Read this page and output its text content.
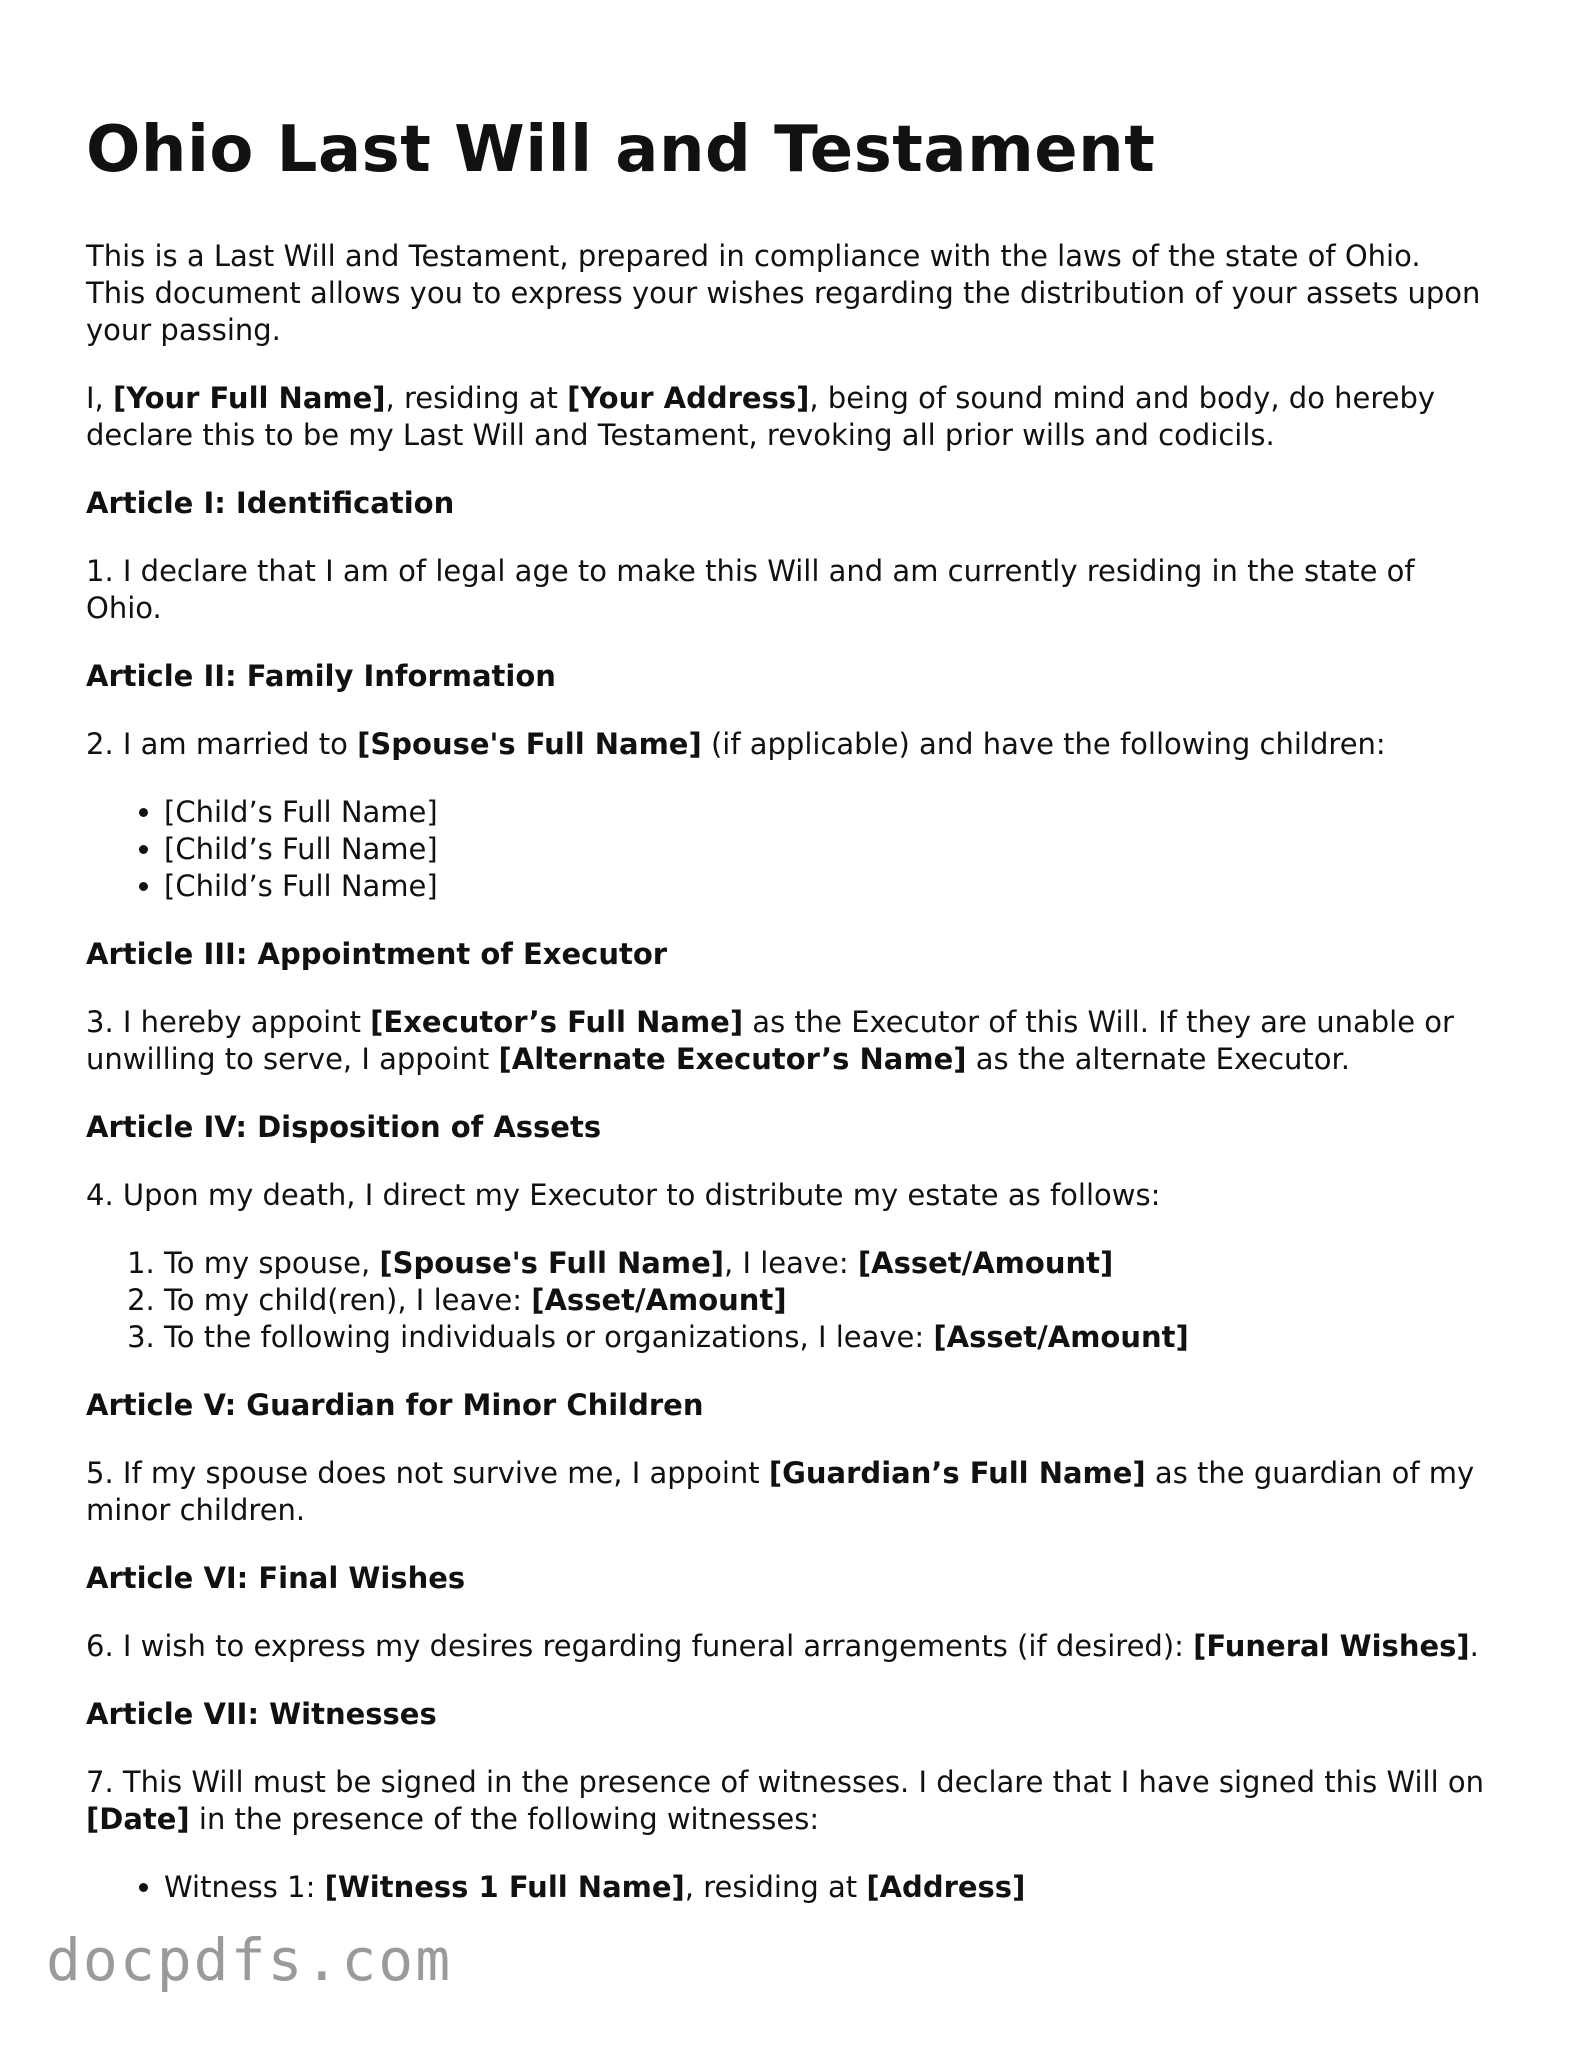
Ohio Last Will and Testament

This is a Last Will and Testament, prepared in compliance with the laws of the state of Ohio. This document allows you to express your wishes regarding the distribution of your assets upon your passing.

I, [Your Full Name], residing at [Your Address], being of sound mind and body, do hereby declare this to be my Last Will and Testament, revoking all prior wills and codicils.

Article I: Identification

1. I declare that I am of legal age to make this Will and am currently residing in the state of Ohio.

Article II: Family Information

2. I am married to [Spouse's Full Name] (if applicable) and have the following children:

• [Child’s Full Name]
• [Child’s Full Name]
• [Child’s Full Name]
Article III: Appointment of Executor

3. I hereby appoint [Executor’s Full Name] as the Executor of this Will. If they are unable or unwilling to serve, I appoint [Alternate Executor’s Name] as the alternate Executor.

Article IV: Disposition of Assets

4. Upon my death, I direct my Executor to distribute my estate as follows:

1. To my spouse, [Spouse's Full Name], I leave: [Asset/Amount]
2. To my child(ren), I leave: [Asset/Amount]
3. To the following individuals or organizations, I leave: [Asset/Amount]
Article V: Guardian for Minor Children

5. If my spouse does not survive me, I appoint [Guardian’s Full Name] as the guardian of my minor children.

Article VI: Final Wishes

6. I wish to express my desires regarding funeral arrangements (if desired): [Funeral Wishes].

Article VII: Witnesses

7. This Will must be signed in the presence of witnesses. I declare that I have signed this Will on [Date] in the presence of the following witnesses:

• Witness 1: [Witness 1 Full Name], residing at [Address]
docpdfs.com
